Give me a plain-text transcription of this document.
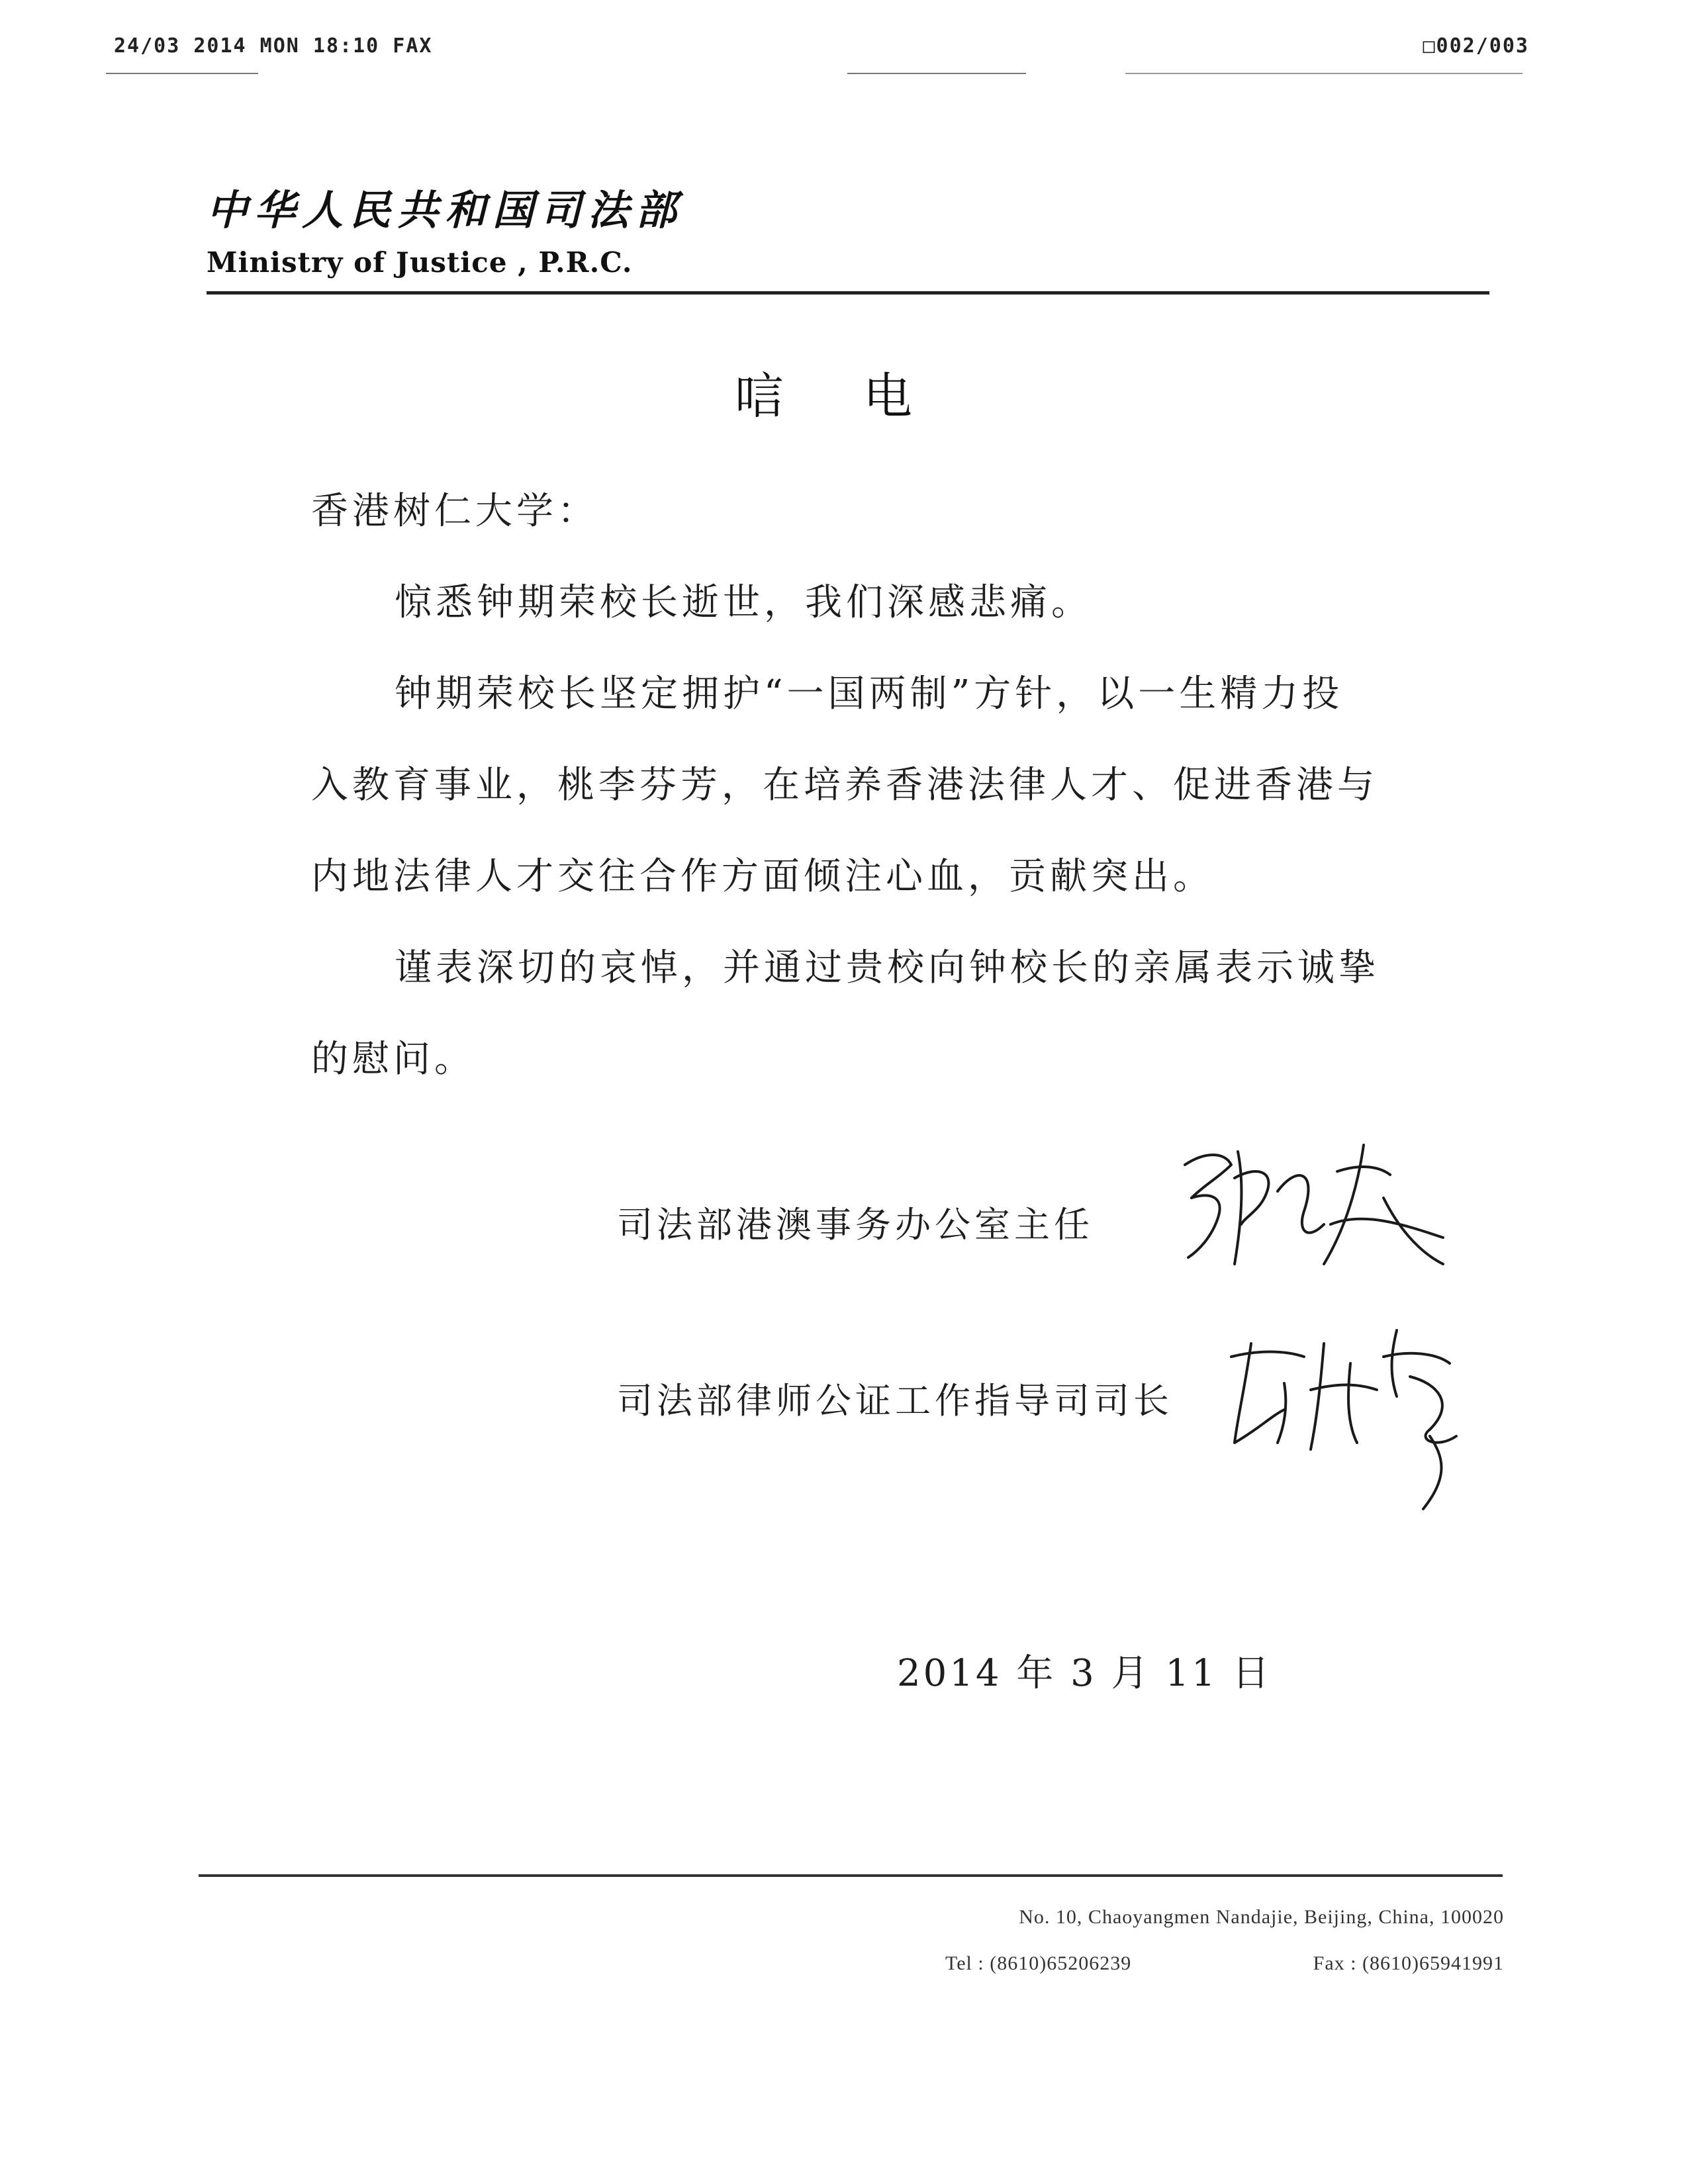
24/03 2014 MON 18:10 FAX	□002/003
中华人民共和国司法部
Ministry of Justice , P.R.C.
唁电
香港树仁大学：
惊悉钟期荣校长逝世，我们深感悲痛。
钟期荣校长坚定拥护“一国两制”方针，以一生精力投
入教育事业，桃李芬芳，在培养香港法律人才、促进香港与
内地法律人才交往合作方面倾注心血，贡献突出。
谨表深切的哀悼，并通过贵校向钟校长的亲属表示诚挚
的慰问。
司法部港澳事务办公室主任
司法部律师公证工作指导司司长
2014 年 3 月 11 日
No. 10, Chaoyangmen Nandajie, Beijing, China, 100020
Tel : (8610)65206239	Fax : (8610)65941991
